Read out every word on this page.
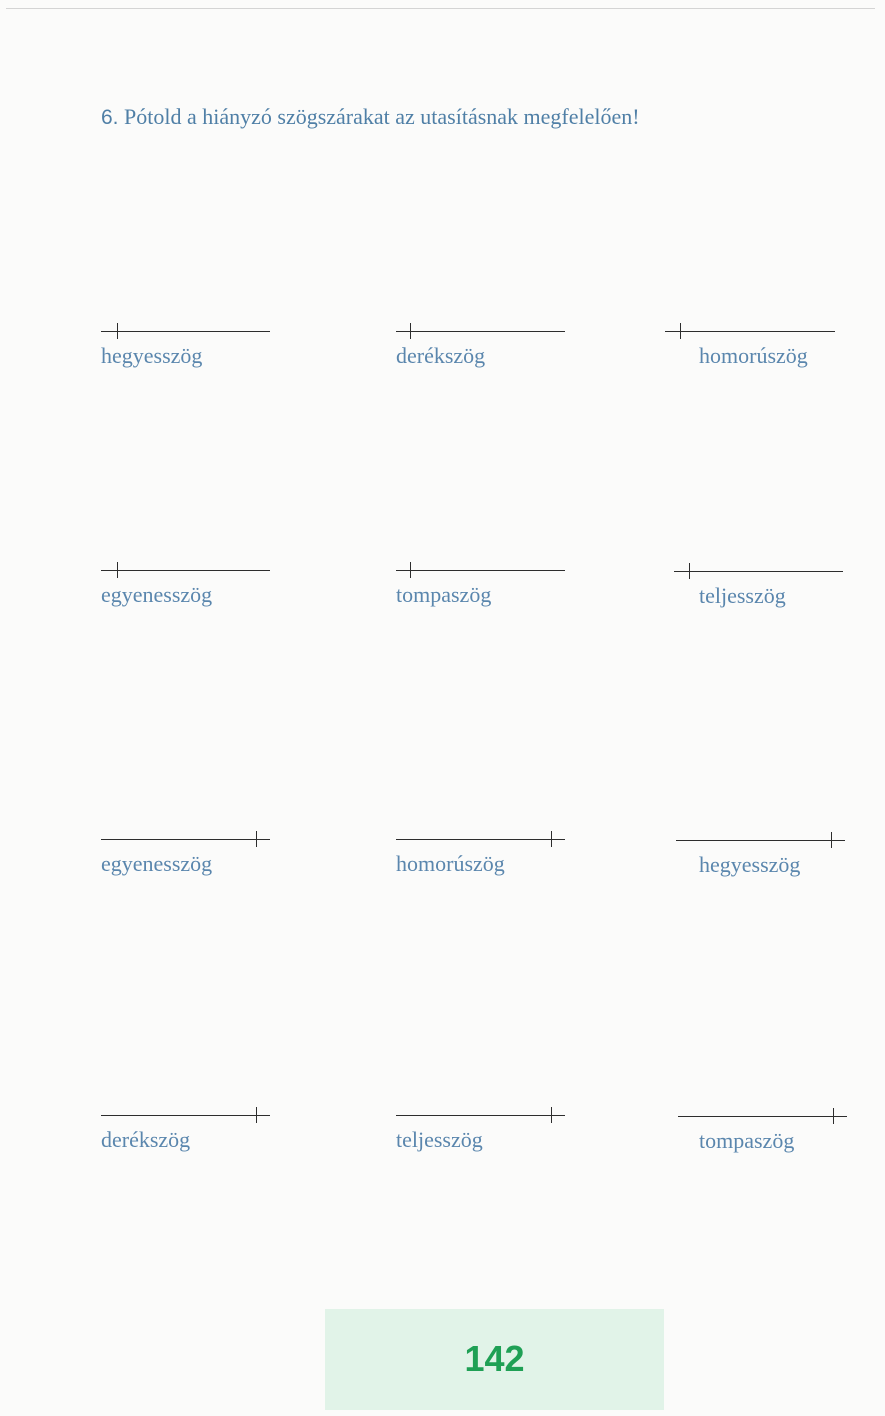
6. Pótold a hiányzó szögszárakat az utasításnak megfelelően!
hegyesszög	derékszög	homorúszög
egyenesszög	tompaszög	teljesszög
egyenesszög	homorúszög	hegyesszög
derékszög	teljesszög	tompaszög
142
